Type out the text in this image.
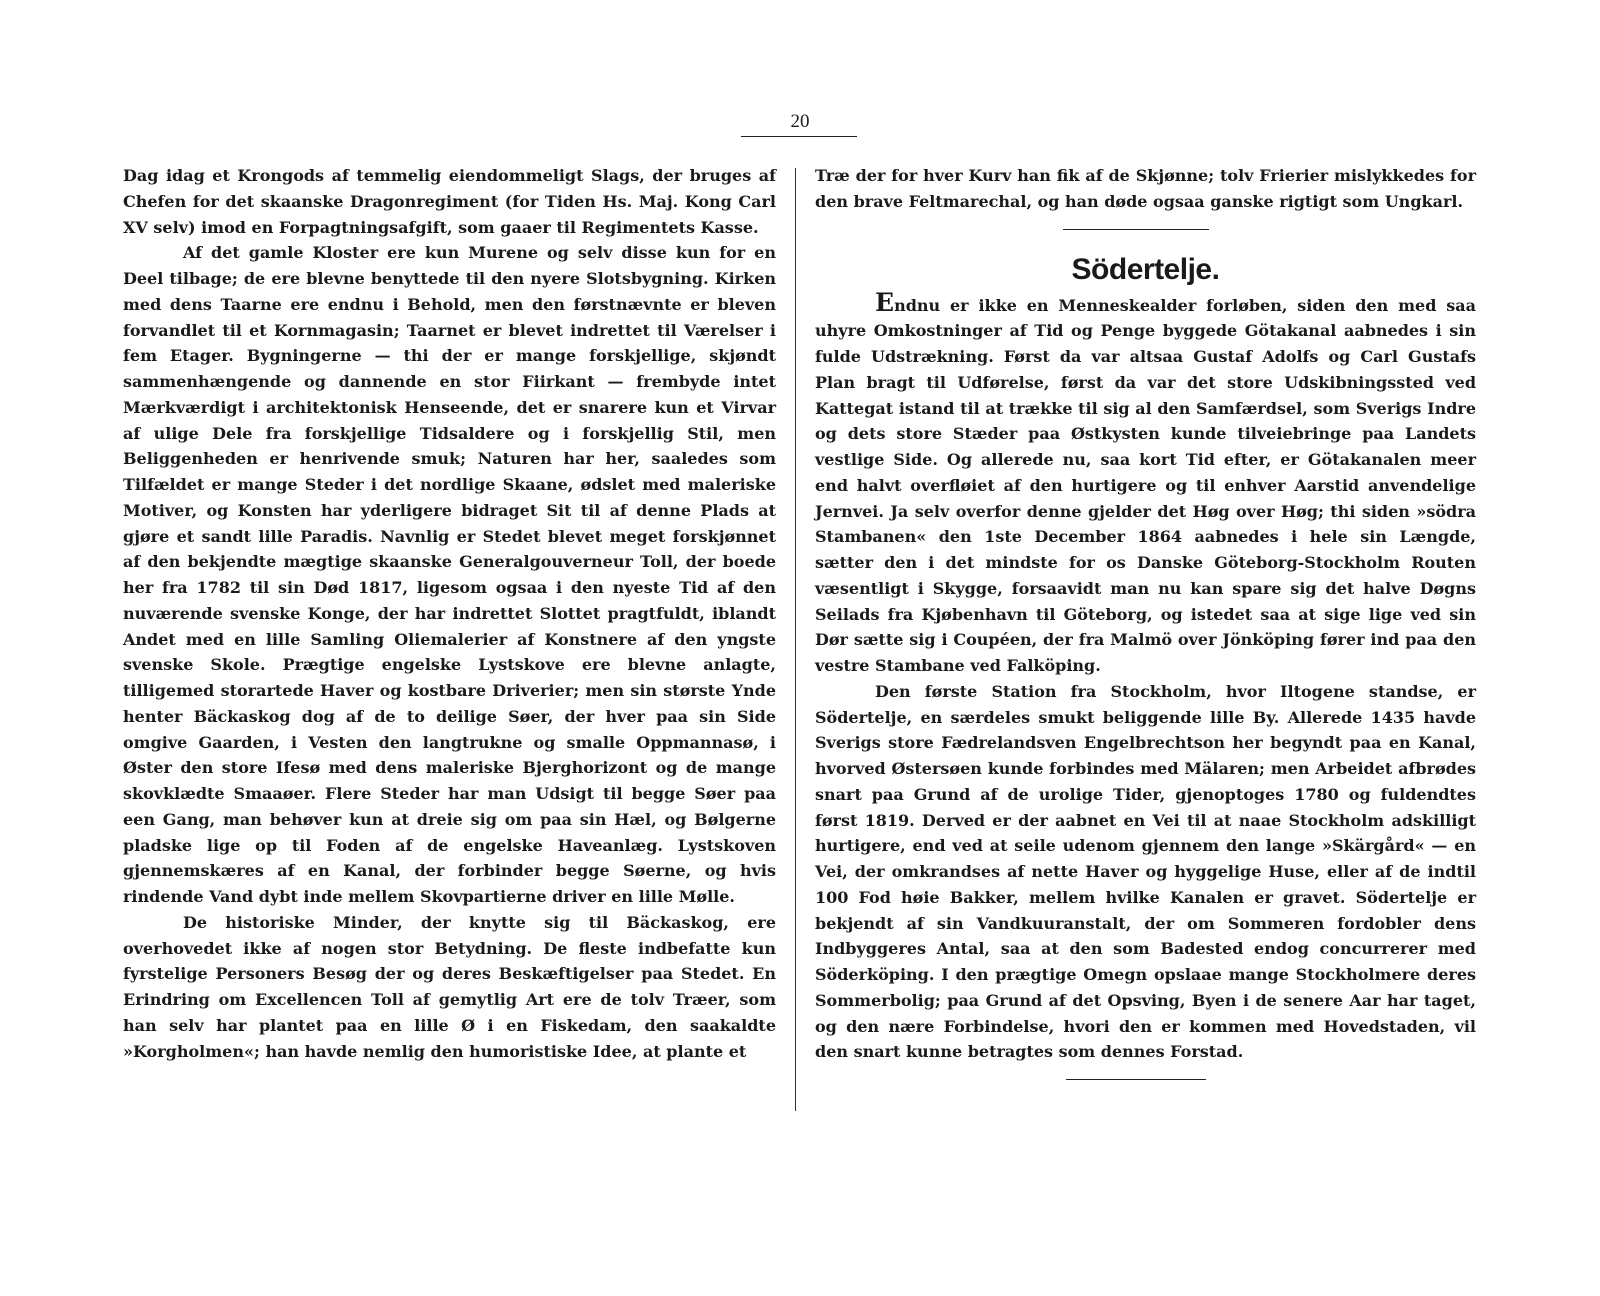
20

Dag idag et Krongods af temmelig eiendommeligt Slags, der bruges af Chefen for det skaanske Dragonregiment (for Tiden Hs. Maj. Kong Carl XV selv) imod en Forpagtningsafgift, som gaaer til Regimentets Kasse.

Af det gamle Kloster ere kun Murene og selv disse kun for en Deel tilbage; de ere blevne benyttede til den nyere Slotsbygning. Kirken med dens Taarne ere endnu i Behold, men den førstnævnte er bleven forvandlet til et Kornmagasin; Taarnet er blevet indrettet til Værelser i fem Etager. Bygningerne — thi der er mange forskjellige, skjøndt sammenhængende og dannende en stor Fiirkant — frembyde intet Mærkværdigt i architektonisk Henseende, det er snarere kun et Virvar af ulige Dele fra forskjellige Tidsaldere og i forskjellig Stil, men Beliggenheden er henrivende smuk; Naturen har her, saaledes som Tilfældet er mange Steder i det nordlige Skaane, ødslet med maleriske Motiver, og Konsten har yderligere bidraget Sit til af denne Plads at gjøre et sandt lille Paradis. Navnlig er Stedet blevet meget forskjønnet af den bekjendte mægtige skaanske Generalgouverneur Toll, der boede her fra 1782 til sin Død 1817, ligesom ogsaa i den nyeste Tid af den nuværende svenske Konge, der har indrettet Slottet pragtfuldt, iblandt Andet med en lille Samling Oliemalerier af Konstnere af den yngste svenske Skole. Prægtige engelske Lystskove ere blevne anlagte, tilligemed storartede Haver og kostbare Driverier; men sin største Ynde henter Bäckaskog dog af de to deilige Søer, der hver paa sin Side omgive Gaarden, i Vesten den langtrukne og smalle Oppmannasø, i Øster den store Ifesø med dens maleriske Bjerghorizont og de mange skovklædte Smaaøer. Flere Steder har man Udsigt til begge Søer paa een Gang, man behøver kun at dreie sig om paa sin Hæl, og Bølgerne pladske lige op til Foden af de engelske Haveanlæg. Lystskoven gjennemskæres af en Kanal, der forbinder begge Søerne, og hvis rindende Vand dybt inde mellem Skovpartierne driver en lille Mølle.

De historiske Minder, der knytte sig til Bäckaskog, ere overhovedet ikke af nogen stor Betydning. De fleste indbefatte kun fyrstelige Personers Besøg der og deres Beskæftigelser paa Stedet. En Erindring om Excellencen Toll af gemytlig Art ere de tolv Træer, som han selv har plantet paa en lille Ø i en Fiskedam, den saakaldte »Korgholmen«; han havde nemlig den humoristiske Idee, at plante et

Træ der for hver Kurv han fik af de Skjønne; tolv Frierier mislykkedes for den brave Feltmarechal, og han døde ogsaa ganske rigtigt som Ungkarl.

Södertelje.

Endnu er ikke en Menneskealder forløben, siden den med saa uhyre Omkostninger af Tid og Penge byggede Götakanal aabnedes i sin fulde Udstrækning. Først da var altsaa Gustaf Adolfs og Carl Gustafs Plan bragt til Udførelse, først da var det store Udskibningssted ved Kattegat istand til at trække til sig al den Samfærdsel, som Sverigs Indre og dets store Stæder paa Østkysten kunde tilveiebringe paa Landets vestlige Side. Og allerede nu, saa kort Tid efter, er Götakanalen meer end halvt overfløiet af den hurtigere og til enhver Aarstid anvendelige Jernvei. Ja selv overfor denne gjelder det Høg over Høg; thi siden »södra Stambanen« den 1ste December 1864 aabnedes i hele sin Længde, sætter den i det mindste for os Danske Göteborg-Stockholm Routen væsentligt i Skygge, forsaavidt man nu kan spare sig det halve Døgns Seilads fra Kjøbenhavn til Göteborg, og istedet saa at sige lige ved sin Dør sætte sig i Coupéen, der fra Malmö over Jönköping fører ind paa den vestre Stambane ved Falköping.

Den første Station fra Stockholm, hvor Iltogene standse, er Södertelje, en særdeles smukt beliggende lille By. Allerede 1435 havde Sverigs store Fædrelandsven Engelbrechtson her begyndt paa en Kanal, hvorved Østersøen kunde forbindes med Mälaren; men Arbeidet afbrødes snart paa Grund af de urolige Tider, gjenoptoges 1780 og fuldendtes først 1819. Derved er der aabnet en Vei til at naae Stockholm adskilligt hurtigere, end ved at seile udenom gjennem den lange »Skärgård« — en Vei, der omkrandses af nette Haver og hyggelige Huse, eller af de indtil 100 Fod høie Bakker, mellem hvilke Kanalen er gravet. Södertelje er bekjendt af sin Vandkuuranstalt, der om Sommeren fordobler dens Indbyggeres Antal, saa at den som Badested endog concurrerer med Söderköping. I den prægtige Omegn opslaae mange Stockholmere deres Sommerbolig; paa Grund af det Opsving, Byen i de senere Aar har taget, og den nære Forbindelse, hvori den er kommen med Hovedstaden, vil den snart kunne betragtes som dennes Forstad.
